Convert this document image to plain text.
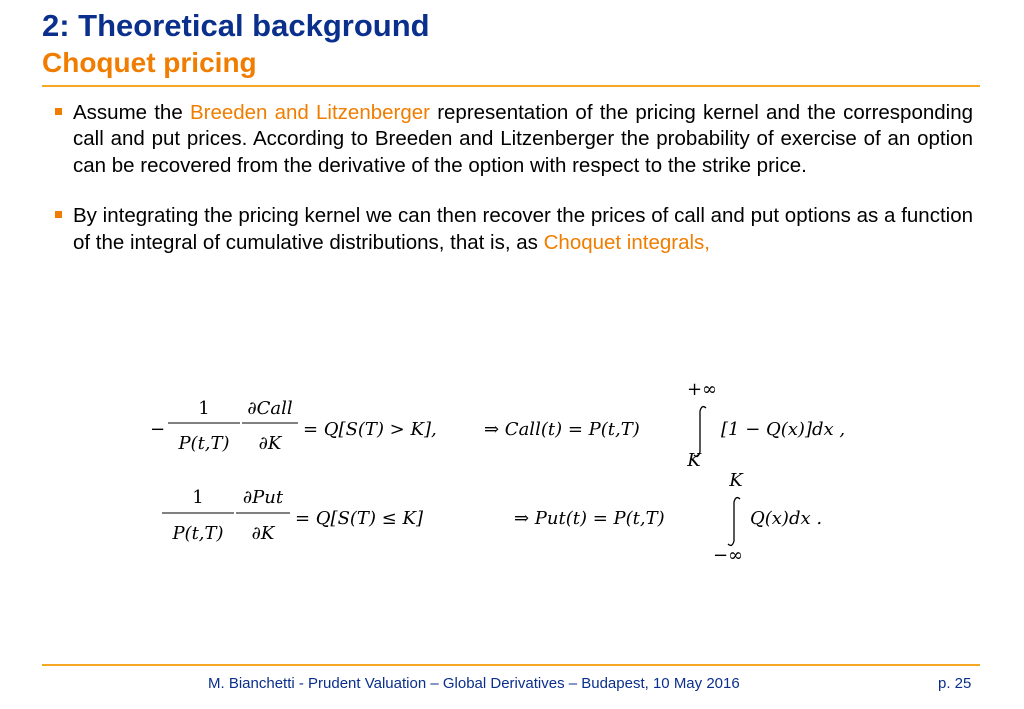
2: Theoretical background
Choquet pricing
Assume the Breeden and Litzenberger representation of the pricing kernel and the corresponding call and put prices. According to Breeden and Litzenberger the probability of exercise of an option can be recovered from the derivative of the option with respect to the strike price.
By integrating the pricing kernel we can then recover the prices of call and put options as a function of the integral of cumulative distributions, that is, as Choquet integrals,
−
1
P(t,T)
∂Call
∂K
= Q[S(T) > K],	⇒ Call(t) = P(t,T)
+∞
K
[1 − Q(x)]dx ,
1
P(t,T)
∂Put
∂K
= Q[S(T) ≤ K]	⇒ Put(t) = P(t,T)
K
−∞
Q(x)dx .
M. Bianchetti - Prudent Valuation – Global Derivatives – Budapest, 10 May 2016	p. 25
